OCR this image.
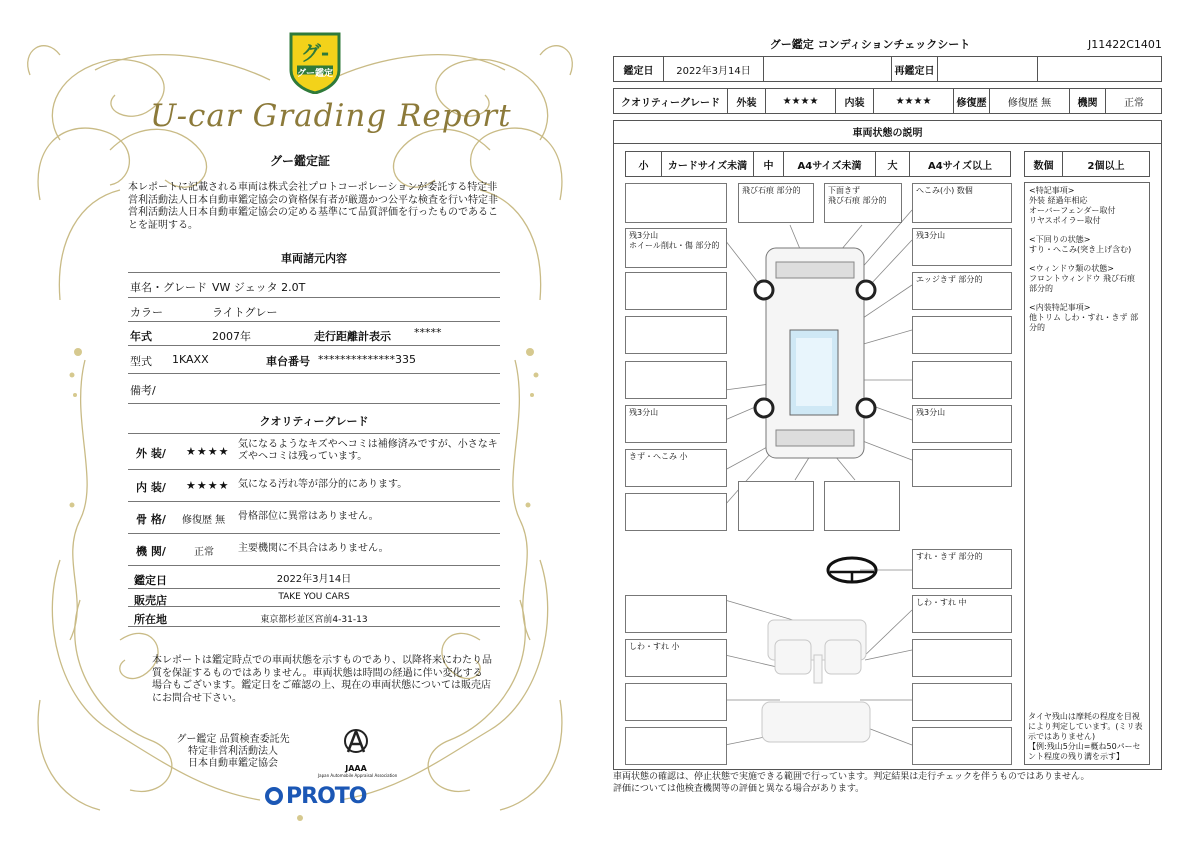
グ-
グー鑑定
U-car Grading Report
グー鑑定証
本レポートに記載される車両は株式会社プロトコーポレーションが委託する特定非営利活動法人日本自動車鑑定協会の資格保有者が厳選かつ公平な検査を行い特定非営利活動法人日本自動車鑑定協会の定める基準にて品質評価を行ったものであることを証明する。
車両諸元内容
車名・グレード VW ジェッタ 2.0T
カラー	ライトグレー
年式	2007年	走行距離計表示 *****
型式 1KAXX	車台番号 **************335
備考/
クオリティーグレード
外 装/ ★★★★
気になるようなキズやヘコミは補修済みですが、小さなキズやヘコミは残っています。
内 装/ ★★★★ 気になる汚れ等が部分的にあります。
骨 格/ 修復歴 無 骨格部位に異常はありません。
機 関/	正常 主要機関に不具合はありません。
鑑定日	2022年3月14日
販売店	TAKE YOU CARS
所在地	東京都杉並区宮前4-31-13
本レポートは鑑定時点での車両状態を示すものであり、以降将来にわたり品質を保証するものではありません。車両状態は時間の経過に伴い変化する場合もございます。鑑定日をご確認の上、現在の車両状態については販売店にお問合せ下さい。
グー鑑定 品質検査委託先
特定非営利活動法人
日本自動車鑑定協会	JAAA
Japan Automobile Appraisal Association
PROTO
グー鑑定 コンディションチェックシート	J11422C1401
鑑定日	2022年3月14日	再鑑定日
クオリティーグレード	外装	★★★★	内装	★★★★	修復歴	修復歴 無	機関	正常
車両状態の説明
小	カードサイズ未満	中	A4サイズ未満	大	A4サイズ以上	数個	2個以上
飛び石痕 部分的	下面きず
飛び石痕 部分的
へこみ(小) 数個
残3分山
ホイール削れ・傷 部分的
残3分山
エッジきず 部分的
残3分山	残3分山
きず・へこみ 小
すれ・きず 部分的
しわ・すれ 中
しわ・すれ 小
<特記事項>
外装 経過年相応
オーバーフェンダー取付
リヤスポイラー取付
<下回りの状態>
すり・へこみ(突き上げ含む)
<ウィンドウ類の状態>
フロントウィンドウ 飛び石痕 部分的
<内装特記事項>
他トリム しわ・すれ・きず 部分的
タイヤ残山は摩耗の程度を目視により判定しています。(ミリ表示ではありません)
【例:残山5分山=概ね50パーセント程度の残り溝を示す】
車両状態の確認は、停止状態で実施できる範囲で行っています。判定結果は走行チェックを伴うものではありません。
評価については他検査機関等の評価と異なる場合があります。
